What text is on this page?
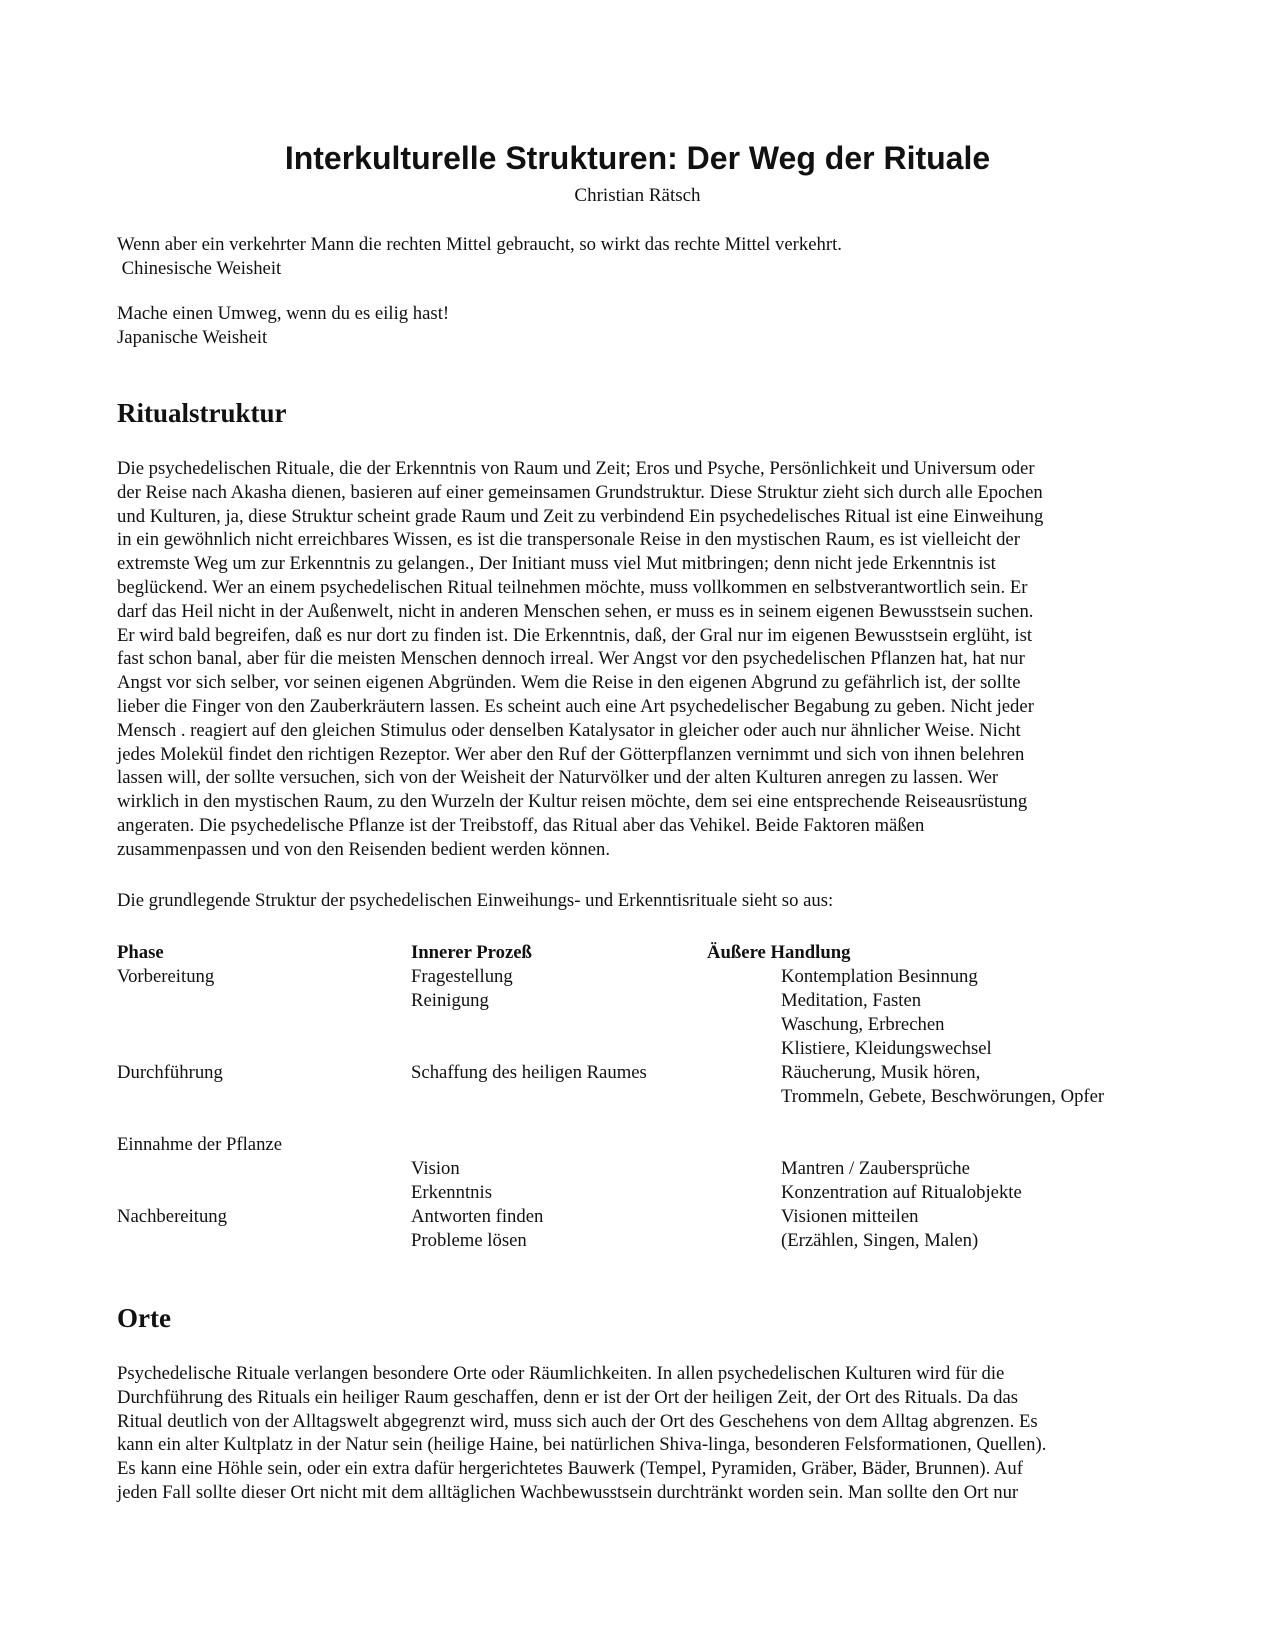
Interkulturelle Strukturen: Der Weg der Rituale
Christian Rätsch
Wenn aber ein verkehrter Mann die rechten Mittel gebraucht, so wirkt das rechte Mittel verkehrt.
Chinesische Weisheit
Mache einen Umweg, wenn du es eilig hast!
Japanische Weisheit
Ritualstruktur
Die psychedelischen Rituale, die der Erkenntnis von Raum und Zeit; Eros und Psyche, Persönlichkeit und Universum oder
der Reise nach Akasha dienen, basieren auf einer gemeinsamen Grundstruktur. Diese Struktur zieht sich durch alle Epochen
und Kulturen, ja, diese Struktur scheint grade Raum und Zeit zu verbindend Ein psychedelisches Ritual ist eine Einweihung
in ein gewöhnlich nicht erreichbares Wissen, es ist die transpersonale Reise in den mystischen Raum, es ist vielleicht der
extremste Weg um zur Erkenntnis zu gelangen., Der Initiant muss viel Mut mitbringen; denn nicht jede Erkenntnis ist
beglückend. Wer an einem psychedelischen Ritual teilnehmen möchte, muss vollkommen en selbstverantwortlich sein. Er
darf das Heil nicht in der Außenwelt, nicht in anderen Menschen sehen, er muss es in seinem eigenen Bewusstsein suchen.
Er wird bald begreifen, daß es nur dort zu finden ist. Die Erkenntnis, daß, der Gral nur im eigenen Bewusstsein erglüht, ist
fast schon banal, aber für die meisten Menschen dennoch irreal. Wer Angst vor den psychedelischen Pflanzen hat, hat nur
Angst vor sich selber, vor seinen eigenen Abgründen. Wem die Reise in den eigenen Abgrund zu gefährlich ist, der sollte
lieber die Finger von den Zauberkräutern lassen. Es scheint auch eine Art psychedelischer Begabung zu geben. Nicht jeder
Mensch . reagiert auf den gleichen Stimulus oder denselben Katalysator in gleicher oder auch nur ähnlicher Weise. Nicht
jedes Molekül findet den richtigen Rezeptor. Wer aber den Ruf der Götterpflanzen vernimmt und sich von ihnen belehren
lassen will, der sollte versuchen, sich von der Weisheit der Naturvölker und der alten Kulturen anregen zu lassen. Wer
wirklich in den mystischen Raum, zu den Wurzeln der Kultur reisen möchte, dem sei eine entsprechende Reiseausrüstung
angeraten. Die psychedelische Pflanze ist der Treibstoff, das Ritual aber das Vehikel. Beide Faktoren mäßen
zusammenpassen und von den Reisenden bedient werden können.
Die grundlegende Struktur der psychedelischen Einweihungs- und Erkenntisrituale sieht so aus:
Phase	Innerer Prozeß	Äußere Handlung
Vorbereitung
Durchführung
Einnahme der Pflanze
Nachbereitung
Fragestellung
Reinigung
Schaffung des heiligen Raumes
Vision
Erkenntnis
Antworten finden
Probleme lösen
Kontemplation Besinnung
Meditation, Fasten
Waschung, Erbrechen
Klistiere, Kleidungswechsel
Räucherung, Musik hören,
Trommeln, Gebete, Beschwörungen, Opfer
Mantren / Zaubersprüche
Konzentration auf Ritualobjekte
Visionen mitteilen
(Erzählen, Singen, Malen)
Orte
Psychedelische Rituale verlangen besondere Orte oder Räumlichkeiten. In allen psychedelischen Kulturen wird für die
Durchführung des Rituals ein heiliger Raum geschaffen, denn er ist der Ort der heiligen Zeit, der Ort des Rituals. Da das
Ritual deutlich von der Alltagswelt abgegrenzt wird, muss sich auch der Ort des Geschehens von dem Alltag abgrenzen. Es
kann ein alter Kultplatz in der Natur sein (heilige Haine, bei natürlichen Shiva-linga, besonderen Felsformationen, Quellen).
Es kann eine Höhle sein, oder ein extra dafür hergerichtetes Bauwerk (Tempel, Pyramiden, Gräber, Bäder, Brunnen). Auf
jeden Fall sollte dieser Ort nicht mit dem alltäglichen Wachbewusstsein durchtränkt worden sein. Man sollte den Ort nur
